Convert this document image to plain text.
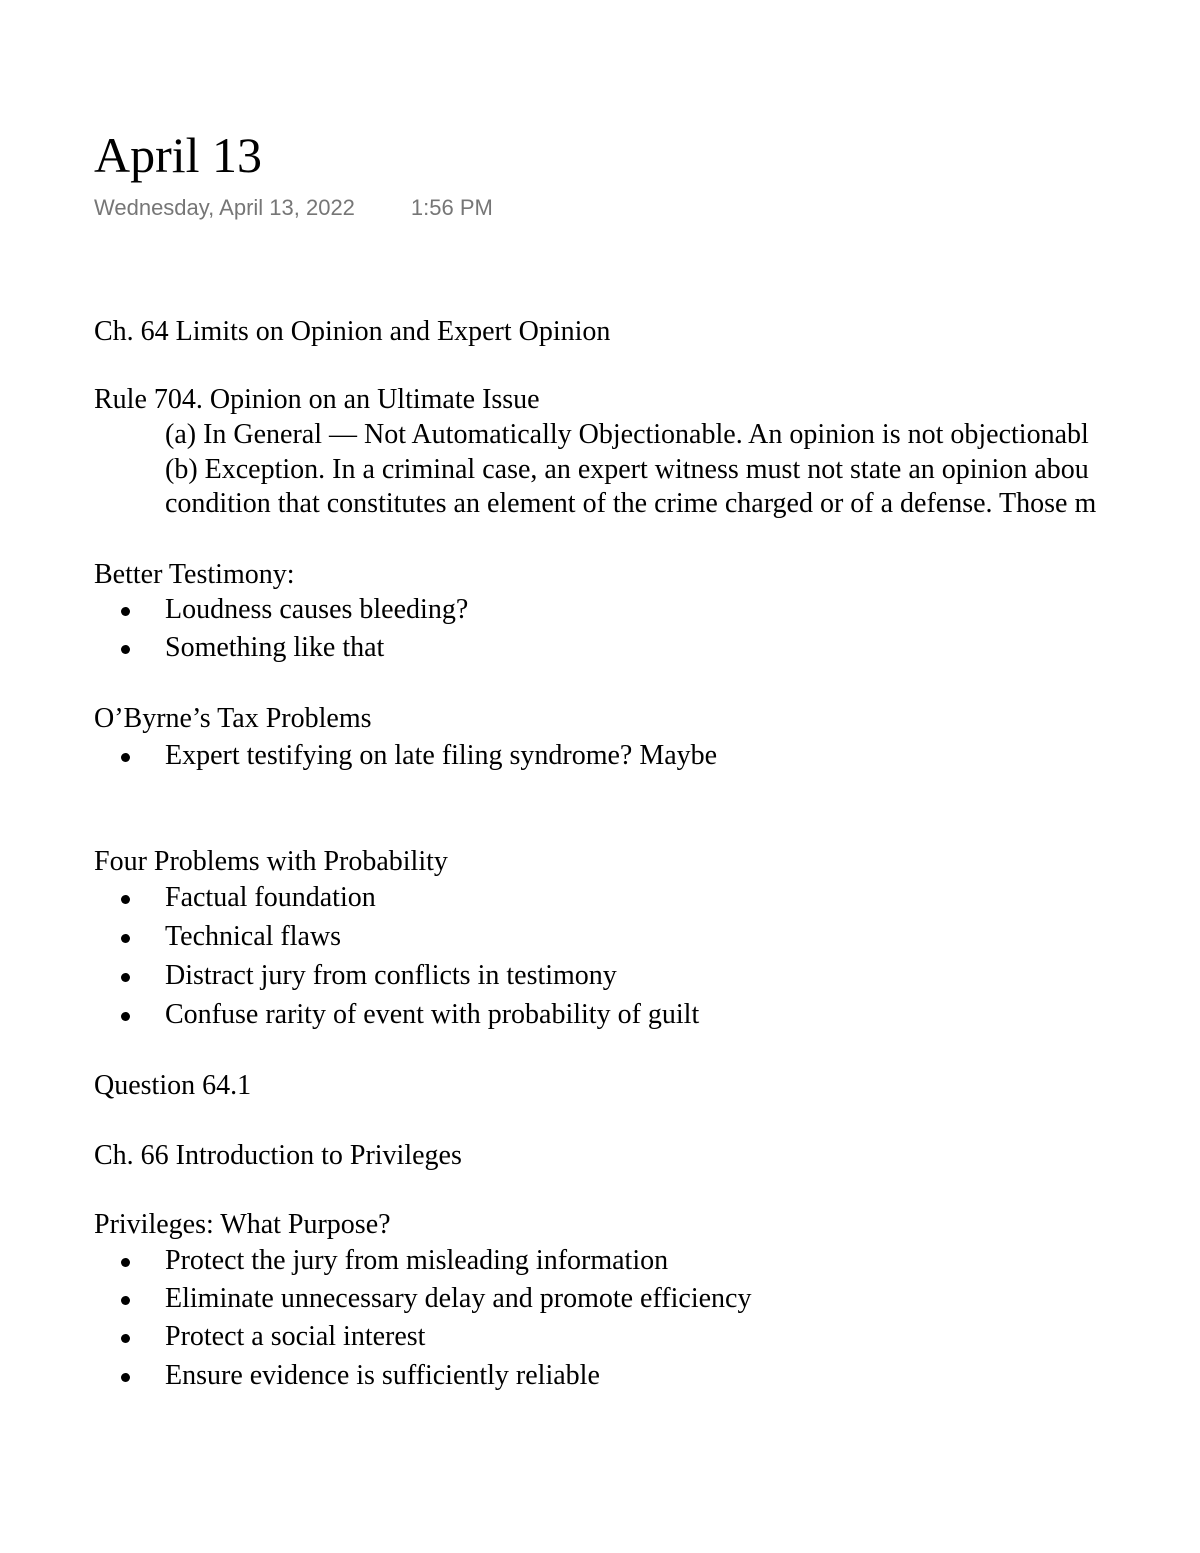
April 13
Wednesday, April 13, 2022	1:56 PM
Ch. 64 Limits on Opinion and Expert Opinion
Rule 704. Opinion on an Ultimate Issue
(a) In General — Not Automatically Objectionable. An opinion is not objectionabl
(b) Exception. In a criminal case, an expert witness must not state an opinion abou
condition that constitutes an element of the crime charged or of a defense. Those m
Better Testimony:
Loudness causes bleeding?
Something like that
O’Byrne’s Tax Problems
Expert testifying on late filing syndrome? Maybe
Four Problems with Probability
Factual foundation
Technical flaws
Distract jury from conflicts in testimony
Confuse rarity of event with probability of guilt
Question 64.1
Ch. 66 Introduction to Privileges
Privileges: What Purpose?
Protect the jury from misleading information
Eliminate unnecessary delay and promote efficiency
Protect a social interest
Ensure evidence is sufficiently reliable
